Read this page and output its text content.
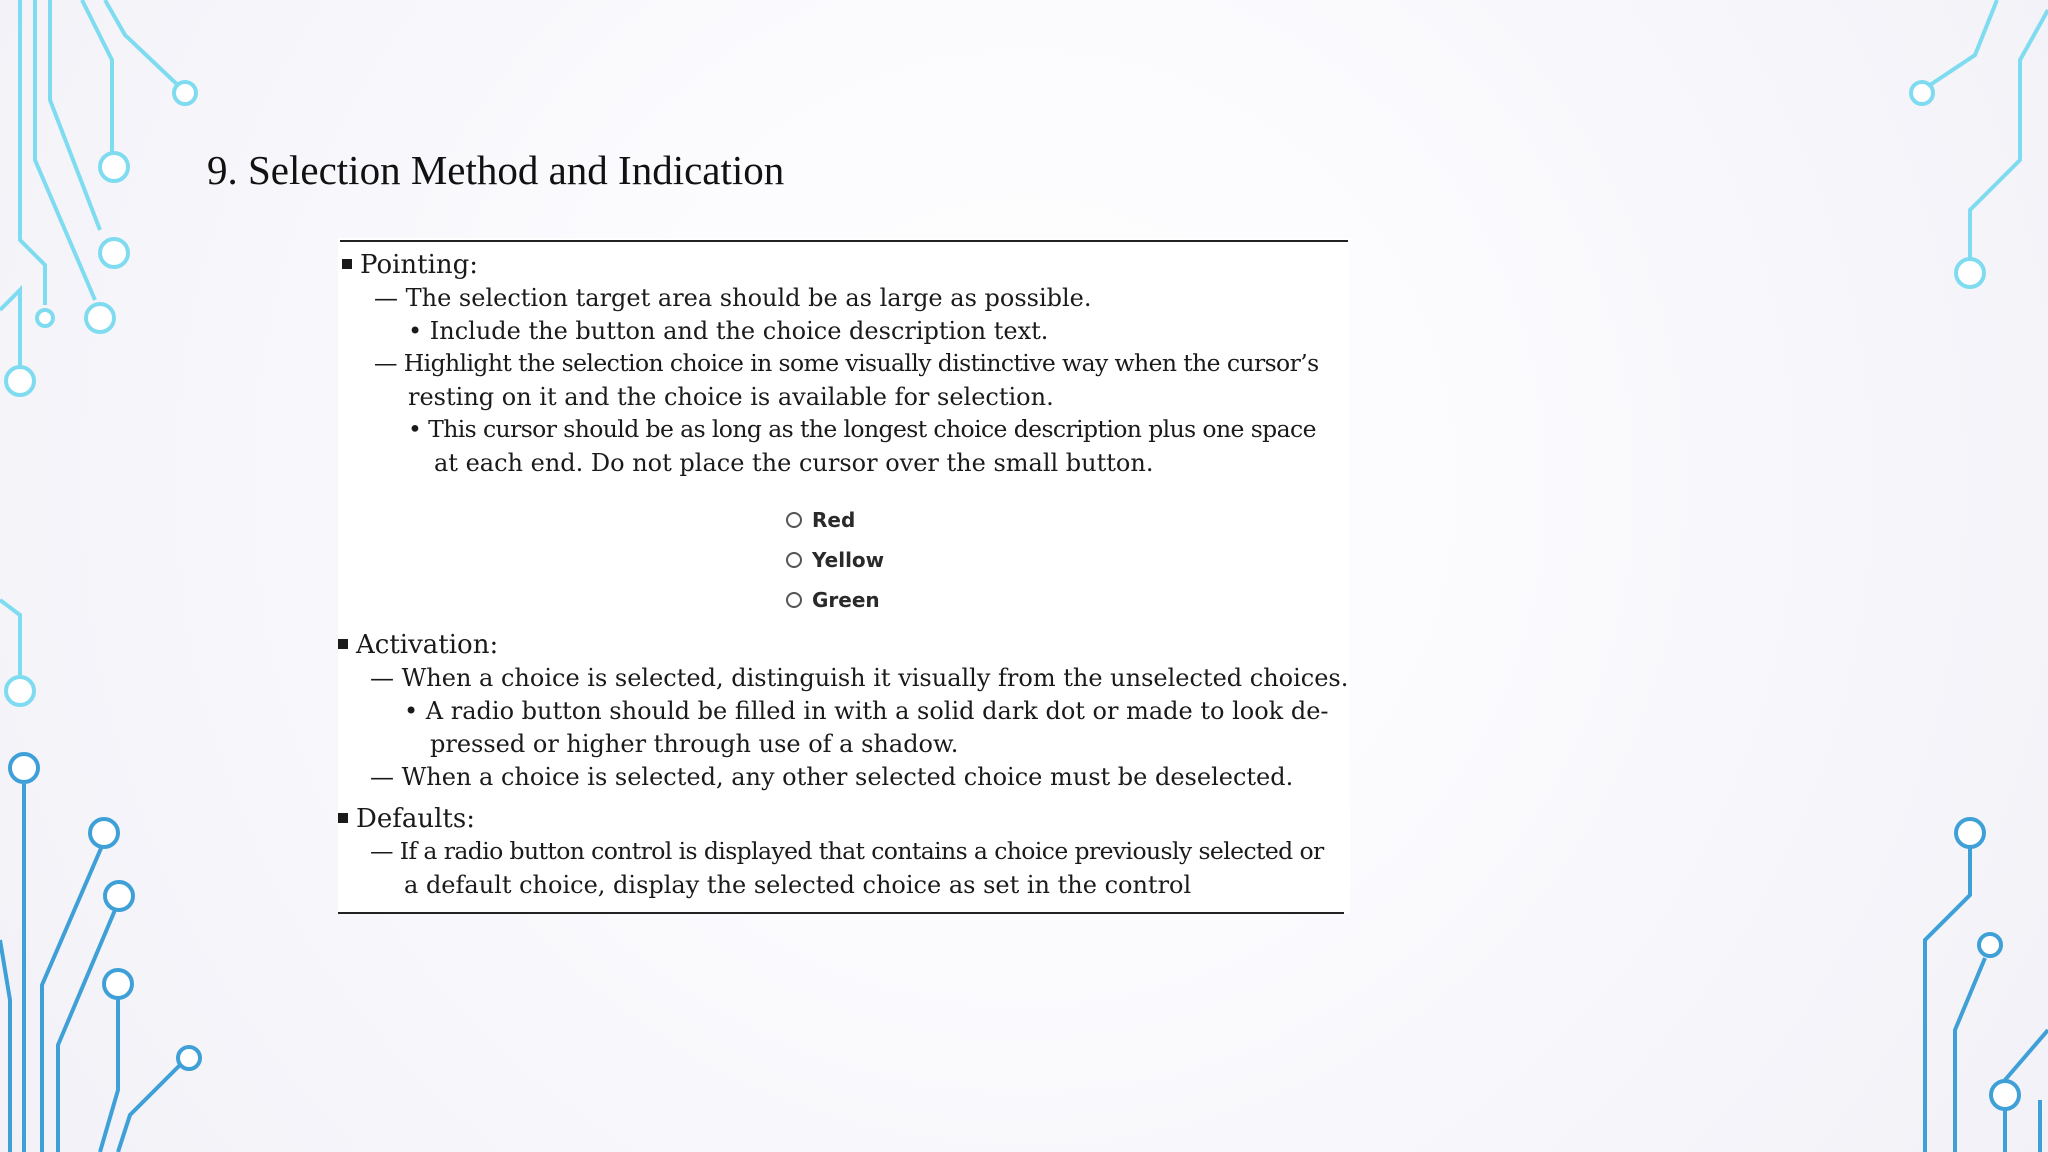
9. Selection Method and Indication
Pointing:
— The selection target area should be as large as possible.
• Include the button and the choice description text.
— Highlight the selection choice in some visually distinctive way when the cursor’s
resting on it and the choice is available for selection.
• This cursor should be as long as the longest choice description plus one space
at each end. Do not place the cursor over the small button.
Red
Yellow
Green
Activation:
— When a choice is selected, distinguish it visually from the unselected choices.
• A radio button should be filled in with a solid dark dot or made to look de-
pressed or higher through use of a shadow.
— When a choice is selected, any other selected choice must be deselected.
Defaults:
— If a radio button control is displayed that contains a choice previously selected or
a default choice, display the selected choice as set in the control
